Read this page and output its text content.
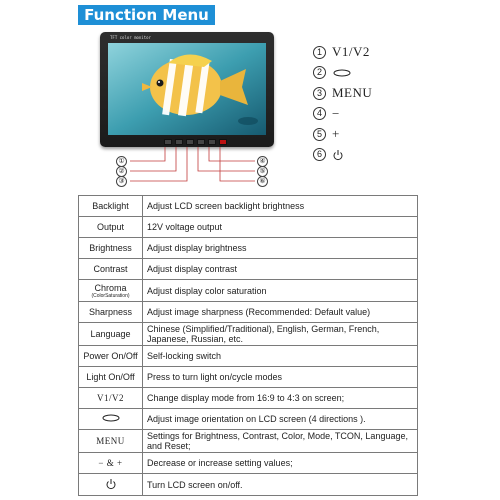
Function Menu
TFT color monitor
①
②
③
④
⑤
⑥
1 V1/V2
2
3 MENU
4 −
5 +
6
Backlight	Adjust LCD screen backlight brightness
Output	12V voltage output
Brightness	Adjust display brightness
Contrast	Adjust display contrast
Chroma
(ColorSaturation)	Adjust display color saturation
Sharpness	Adjust image sharpness (Recommended: Default value)
Language	Chinese (Simplified/Traditional), English, German, French, Japanese, Russian, etc.
Power On/Off	Self-locking switch
Light On/Off	Press to turn light on/cycle modes
V1/V2	Change display mode from 16:9 to 4:3 on screen;
	Adjust image orientation on LCD screen (4 directions ).
MENU	Settings for Brightness, Contrast, Color, Mode, TCON, Language, and Reset;
− & +	Decrease or increase setting values;
	Turn LCD screen on/off.
